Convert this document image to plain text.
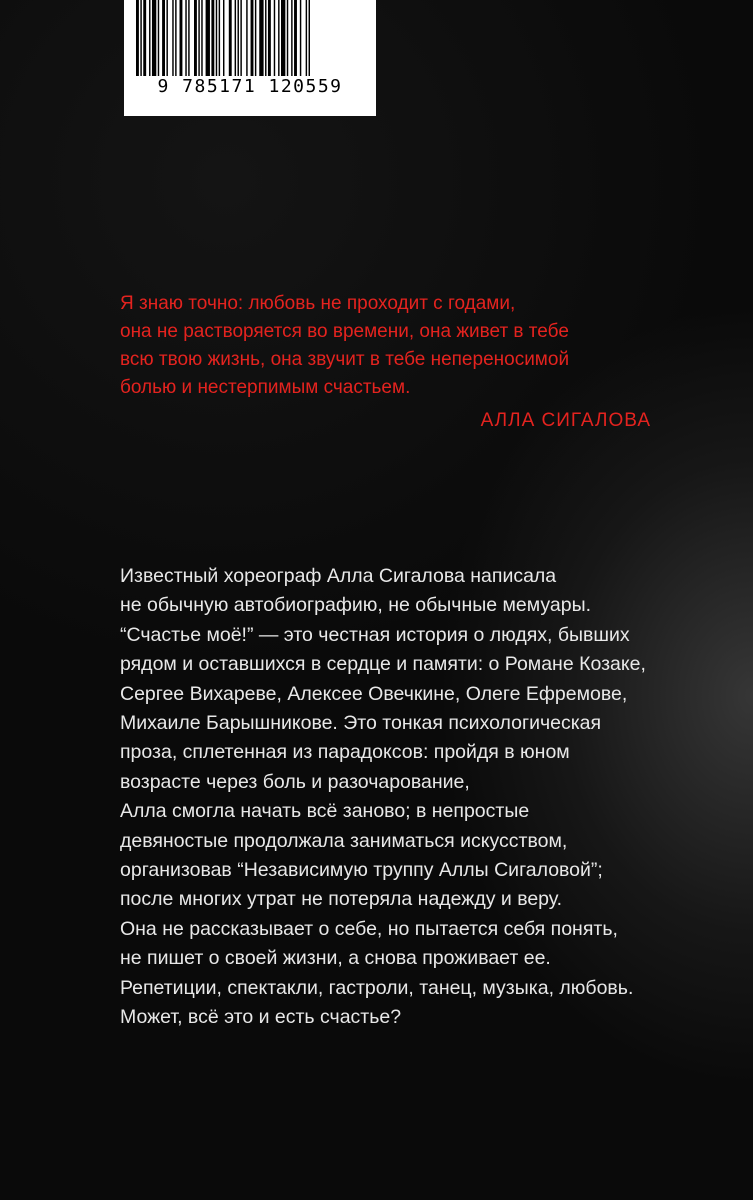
9 785171 120559
Я знаю точно: любовь не проходит с годами,
она не растворяется во времени, она живет в тебе
всю твою жизнь, она звучит в тебе непереносимой
болью и нестерпимым счастьем.
АЛЛА СИГАЛОВА
Известный хореограф Алла Сигалова написала
не обычную автобиографию, не обычные мемуары.
“Счастье моё!” — это честная история о людях, бывших
рядом и оставшихся в сердце и памяти: о Романе Козаке,
Сергее Вихареве, Алексее Овечкине, Олеге Ефремове,
Михаиле Барышникове. Это тонкая психологическая
проза, сплетенная из парадоксов: пройдя в юном
возрасте через боль и разочарование,
Алла смогла начать всё заново; в непростые
девяностые продолжала заниматься искусством,
организовав “Независимую труппу Аллы Сигаловой”;
после многих утрат не потеряла надежду и веру.
Она не рассказывает о себе, но пытается себя понять,
не пишет о своей жизни, а снова проживает ее.
Репетиции, спектакли, гастроли, танец, музыка, любовь.
Может, всё это и есть счастье?
